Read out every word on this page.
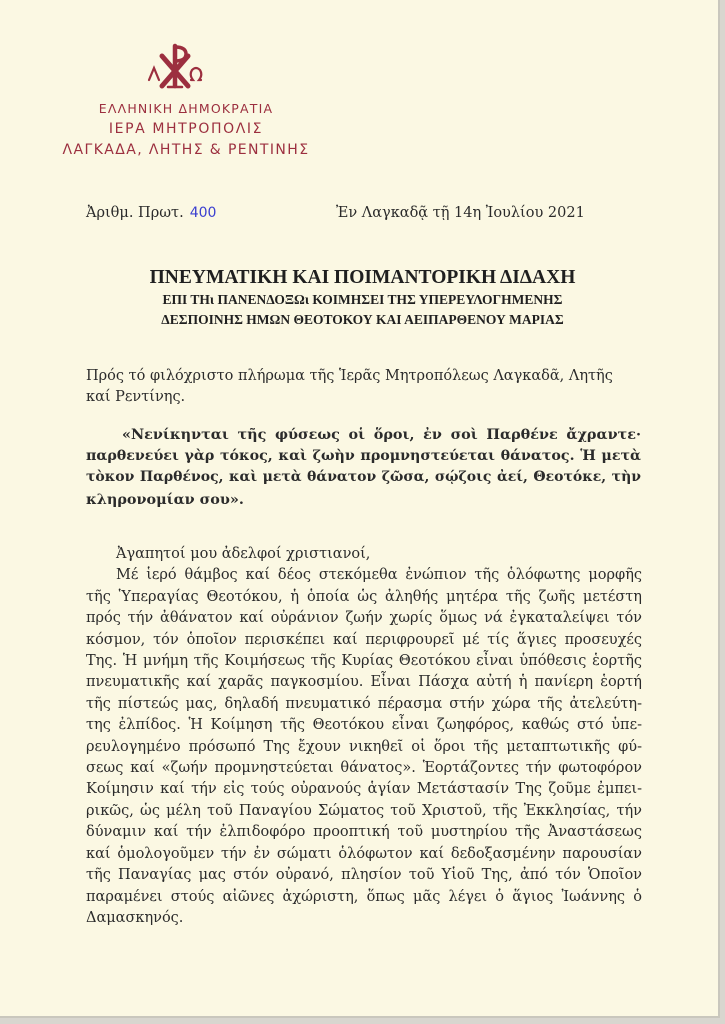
ΕΛΛΗΝΙΚΗ ΔΗΜΟΚΡΑΤΙΑ
ΙΕΡΑ ΜΗΤΡΟΠΟΛΙΣ
ΛΑΓΚΑΔΑ, ΛΗΤΗΣ & ΡΕΝΤΙΝΗΣ
Ἀριθμ. Πρωτ. 400	Ἐν Λαγκαδᾷ τῇ 14η Ἰουλίου 2021
ΠΝΕΥΜΑΤΙΚΗ ΚΑΙ ΠΟΙΜΑΝΤΟΡΙΚΗ ΔΙΔΑΧΗ
ΕΠΙ ΤΗι ΠΑΝΕΝΔΟΞΩι ΚΟΙΜΗΣΕΙ ΤΗΣ ΥΠΕΡΕΥΛΟΓΗΜΕΝΗΣ
ΔΕΣΠΟΙΝΗΣ ΗΜΩΝ ΘΕΟΤΟΚΟΥ ΚΑΙ ΑΕΙΠΑΡΘΕΝΟΥ ΜΑΡΙΑΣ
Πρός τό φιλόχριστο πλήρωμα τῆς Ἱερᾶς Μητροπόλεως Λαγκαδᾶ, Λητῆς καί Ρεντίνης.
«Νενίκηνται τῆς φύσεως οἱ ὅροι, ἐν σοὶ Παρθένε ἄχραντε·
παρθενεύει γὰρ τόκος, καὶ ζωὴν προμνηστεύεται θάνατος. Ἡ μετὰ
τὸκον Παρθένος, καὶ μετὰ θάνατον ζῶσα, σῴζοις ἀεί, Θεοτόκε, τὴν
κληρονομίαν σου».
Ἀγαπητοί μου ἀδελφοί χριστιανοί,
Μέ ἱερό θάμβος καί δέος στεκόμεθα ἐνώπιον τῆς ὁλόφωτης μορφῆς
τῆς Ὑπεραγίας Θεοτόκου, ἡ ὁποία ὡς ἀληθής μητέρα τῆς ζωῆς μετέστη
πρός τήν ἀθάνατον καί οὐράνιον ζωήν χωρίς ὅμως νά ἐγκαταλείψει τόν
κόσμον, τόν ὁποῖον περισκέπει καί περιφρουρεῖ μέ τίς ἅγιες προσευχές
Της. Ἡ μνήμη τῆς Κοιμήσεως τῆς Κυρίας Θεοτόκου εἶναι ὑπόθεσις ἑορτῆς
πνευματικῆς καί χαρᾶς παγκοσμίου. Εἶναι Πάσχα αὐτή ἡ πανίερη ἑορτή
τῆς πίστεώς μας, δηλαδή πνευματικό πέρασμα στήν χώρα τῆς ἀτελεύτη-
της ἐλπίδος. Ἡ Κοίμηση τῆς Θεοτόκου εἶναι ζωηφόρος, καθώς στό ὑπε-
ρευλογημένο πρόσωπό Της ἔχουν νικηθεῖ οἱ ὅροι τῆς μεταπτωτικῆς φύ-
σεως καί «ζωήν προμνηστεύεται θάνατος». Ἑορτάζοντες τήν φωτοφόρον
Κοίμησιν καί τήν εἰς τούς οὐρανούς ἁγίαν Μετάστασίν Της ζοῦμε ἐμπει-
ρικῶς, ὡς μέλη τοῦ Παναγίου Σώματος τοῦ Χριστοῦ, τῆς Ἐκκλησίας, τήν
δύναμιν καί τήν ἐλπιδοφόρο προοπτική τοῦ μυστηρίου τῆς Ἀναστάσεως
καί ὁμολογοῦμεν τήν ἐν σώματι ὁλόφωτον καί δεδοξασμένην παρουσίαν
τῆς Παναγίας μας στόν οὐρανό, πλησίον τοῦ Υἱοῦ Της, ἀπό τόν Ὁποῖον
παραμένει στούς αἰῶνες ἀχώριστη, ὅπως μᾶς λέγει ὁ ἅγιος Ἰωάννης ὁ
Δαμασκηνός.
